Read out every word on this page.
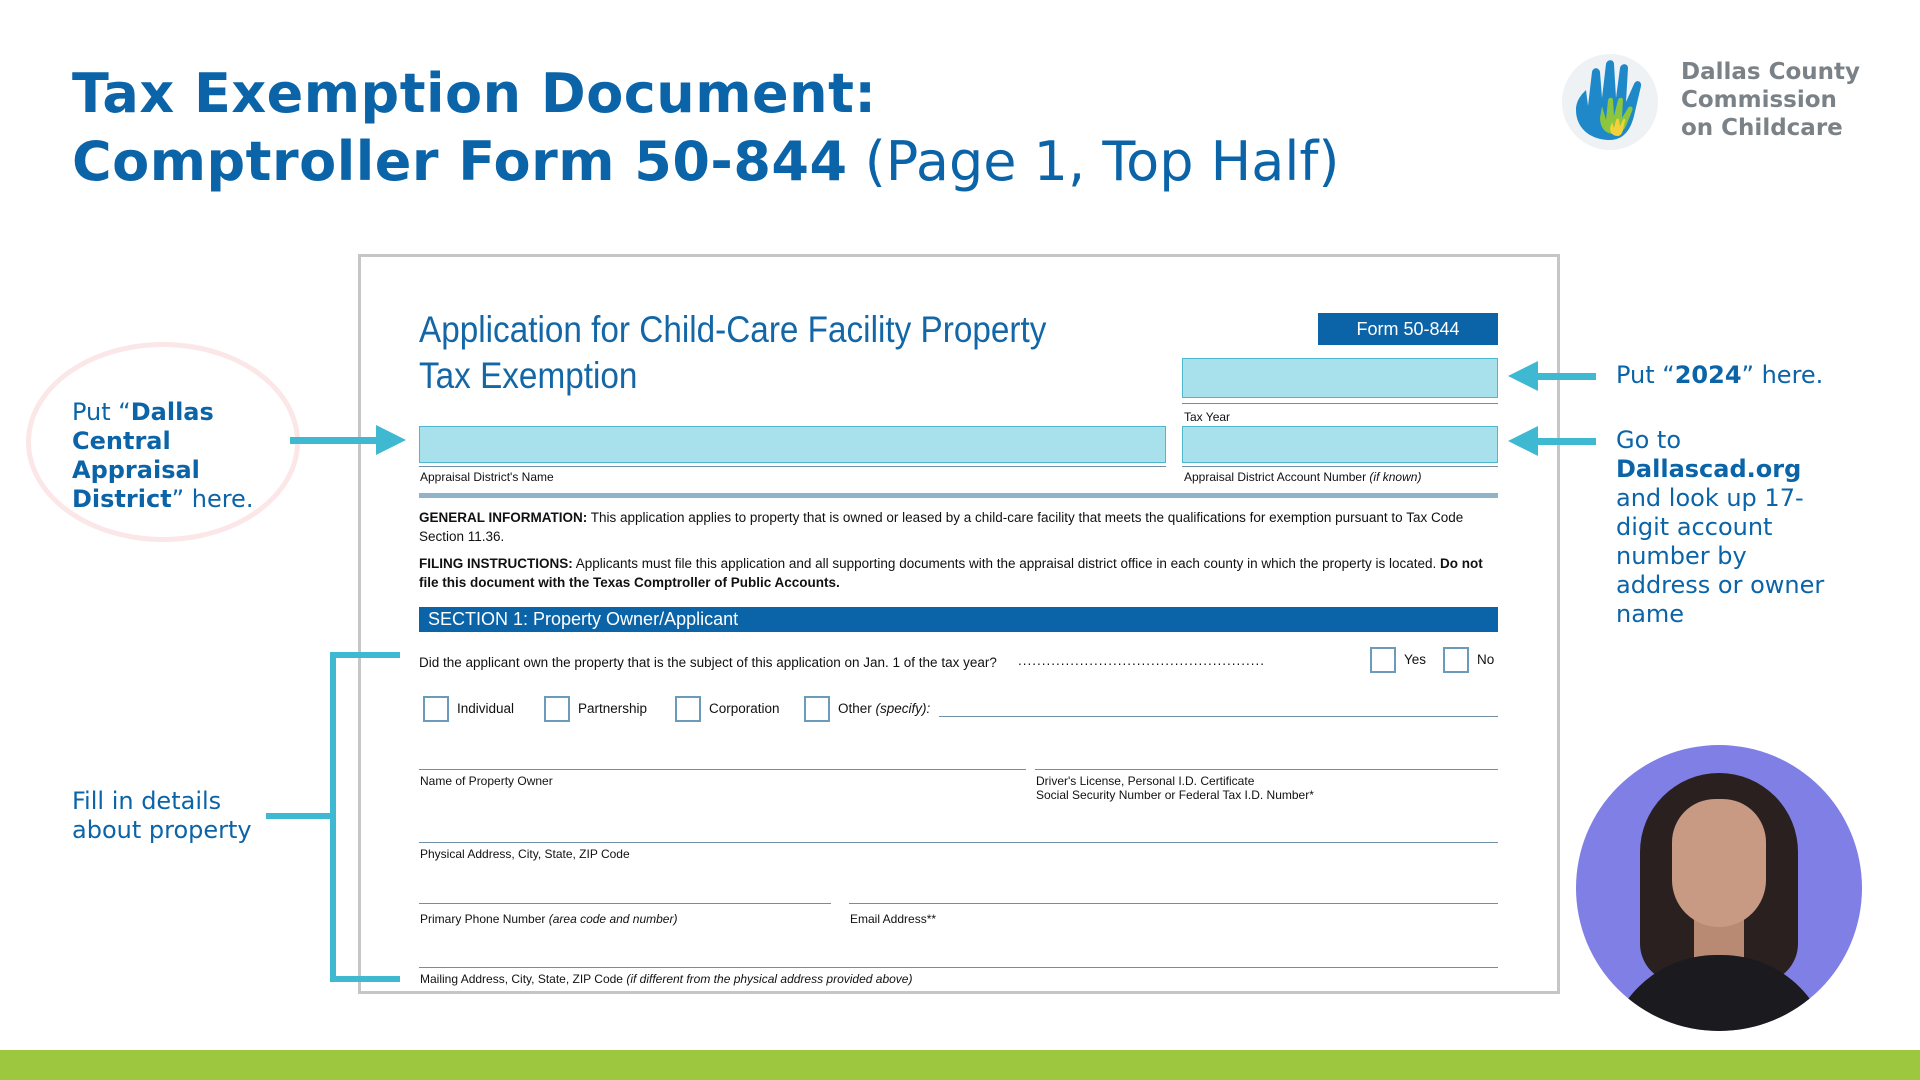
Tax Exemption Document:
Comptroller Form 50-844 (Page 1, Top Half)
Dallas County
Commission
on Childcare
Application for Child-Care Facility Property
Tax Exemption
Form 50-844
Tax Year
Appraisal District's Name	Appraisal District Account Number (if known)
GENERAL INFORMATION: This application applies to property that is owned or leased by a child-care facility that meets the qualifications for exemption pursuant to Tax Code Section 11.36.
FILING INSTRUCTIONS: Applicants must file this application and all supporting documents with the appraisal district office in each county in which the property is located. Do not file this document with the Texas Comptroller of Public Accounts.
SECTION 1: Property Owner/Applicant
Did the applicant own the property that is the subject of this application on Jan. 1 of the tax year? ....................................................	Yes	No
Individual	Partnership	Corporation	Other (specify):
Name of Property Owner	Driver's License, Personal I.D. Certificate
Social Security Number or Federal Tax I.D. Number*
Physical Address, City, State, ZIP Code
Primary Phone Number (area code and number)	Email Address**
Mailing Address, City, State, ZIP Code (if different from the physical address provided above)
Put “Dallas Central Appraisal District” here.
Put “2024” here.
Go to
Dallascad.org and look up 17-digit account number by address or owner name
Fill in details about property
